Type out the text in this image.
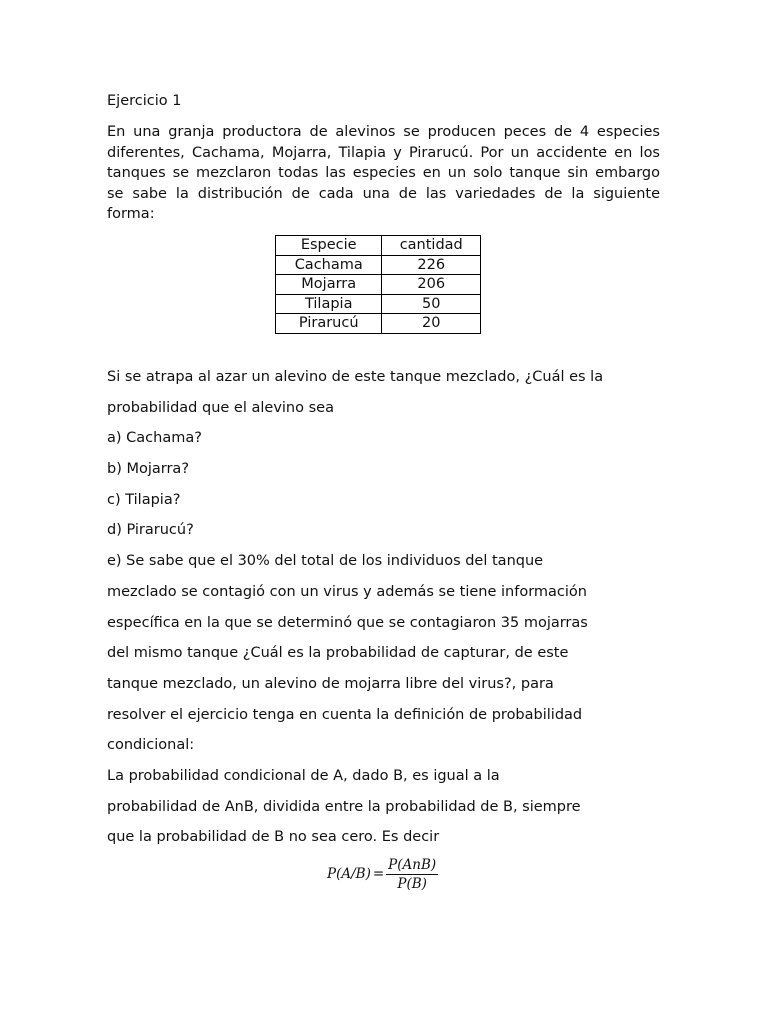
Ejercicio 1
En una granja productora de alevinos se producen peces de 4 especies
diferentes, Cachama, Mojarra, Tilapia y Pirarucú. Por un accidente en los
tanques se mezclaron todas las especies en un solo tanque sin embargo
se sabe la distribución de cada una de las variedades de la siguiente
forma:
Especie	cantidad
Cachama	226
Mojarra	206
Tilapia	50
Pirarucú	20
Si se atrapa al azar un alevino de este tanque mezclado, ¿Cuál es la
probabilidad que el alevino sea
a) Cachama?
b) Mojarra?
c) Tilapia?
d) Pirarucú?
e) Se sabe que el 30% del total de los individuos del tanque
mezclado se contagió con un virus y además se tiene información
específica en la que se determinó que se contagiaron 35 mojarras
del mismo tanque ¿Cuál es la probabilidad de capturar, de este
tanque mezclado, un alevino de mojarra libre del virus?, para
resolver el ejercicio tenga en cuenta la definición de probabilidad
condicional:
La probabilidad condicional de A, dado B, es igual a la
probabilidad de AnB, dividida entre la probabilidad de B, siempre
que la probabilidad de B no sea cero. Es decir
$P(A/B) = \frac{\text{P(AnB)}}{P(B)}$
